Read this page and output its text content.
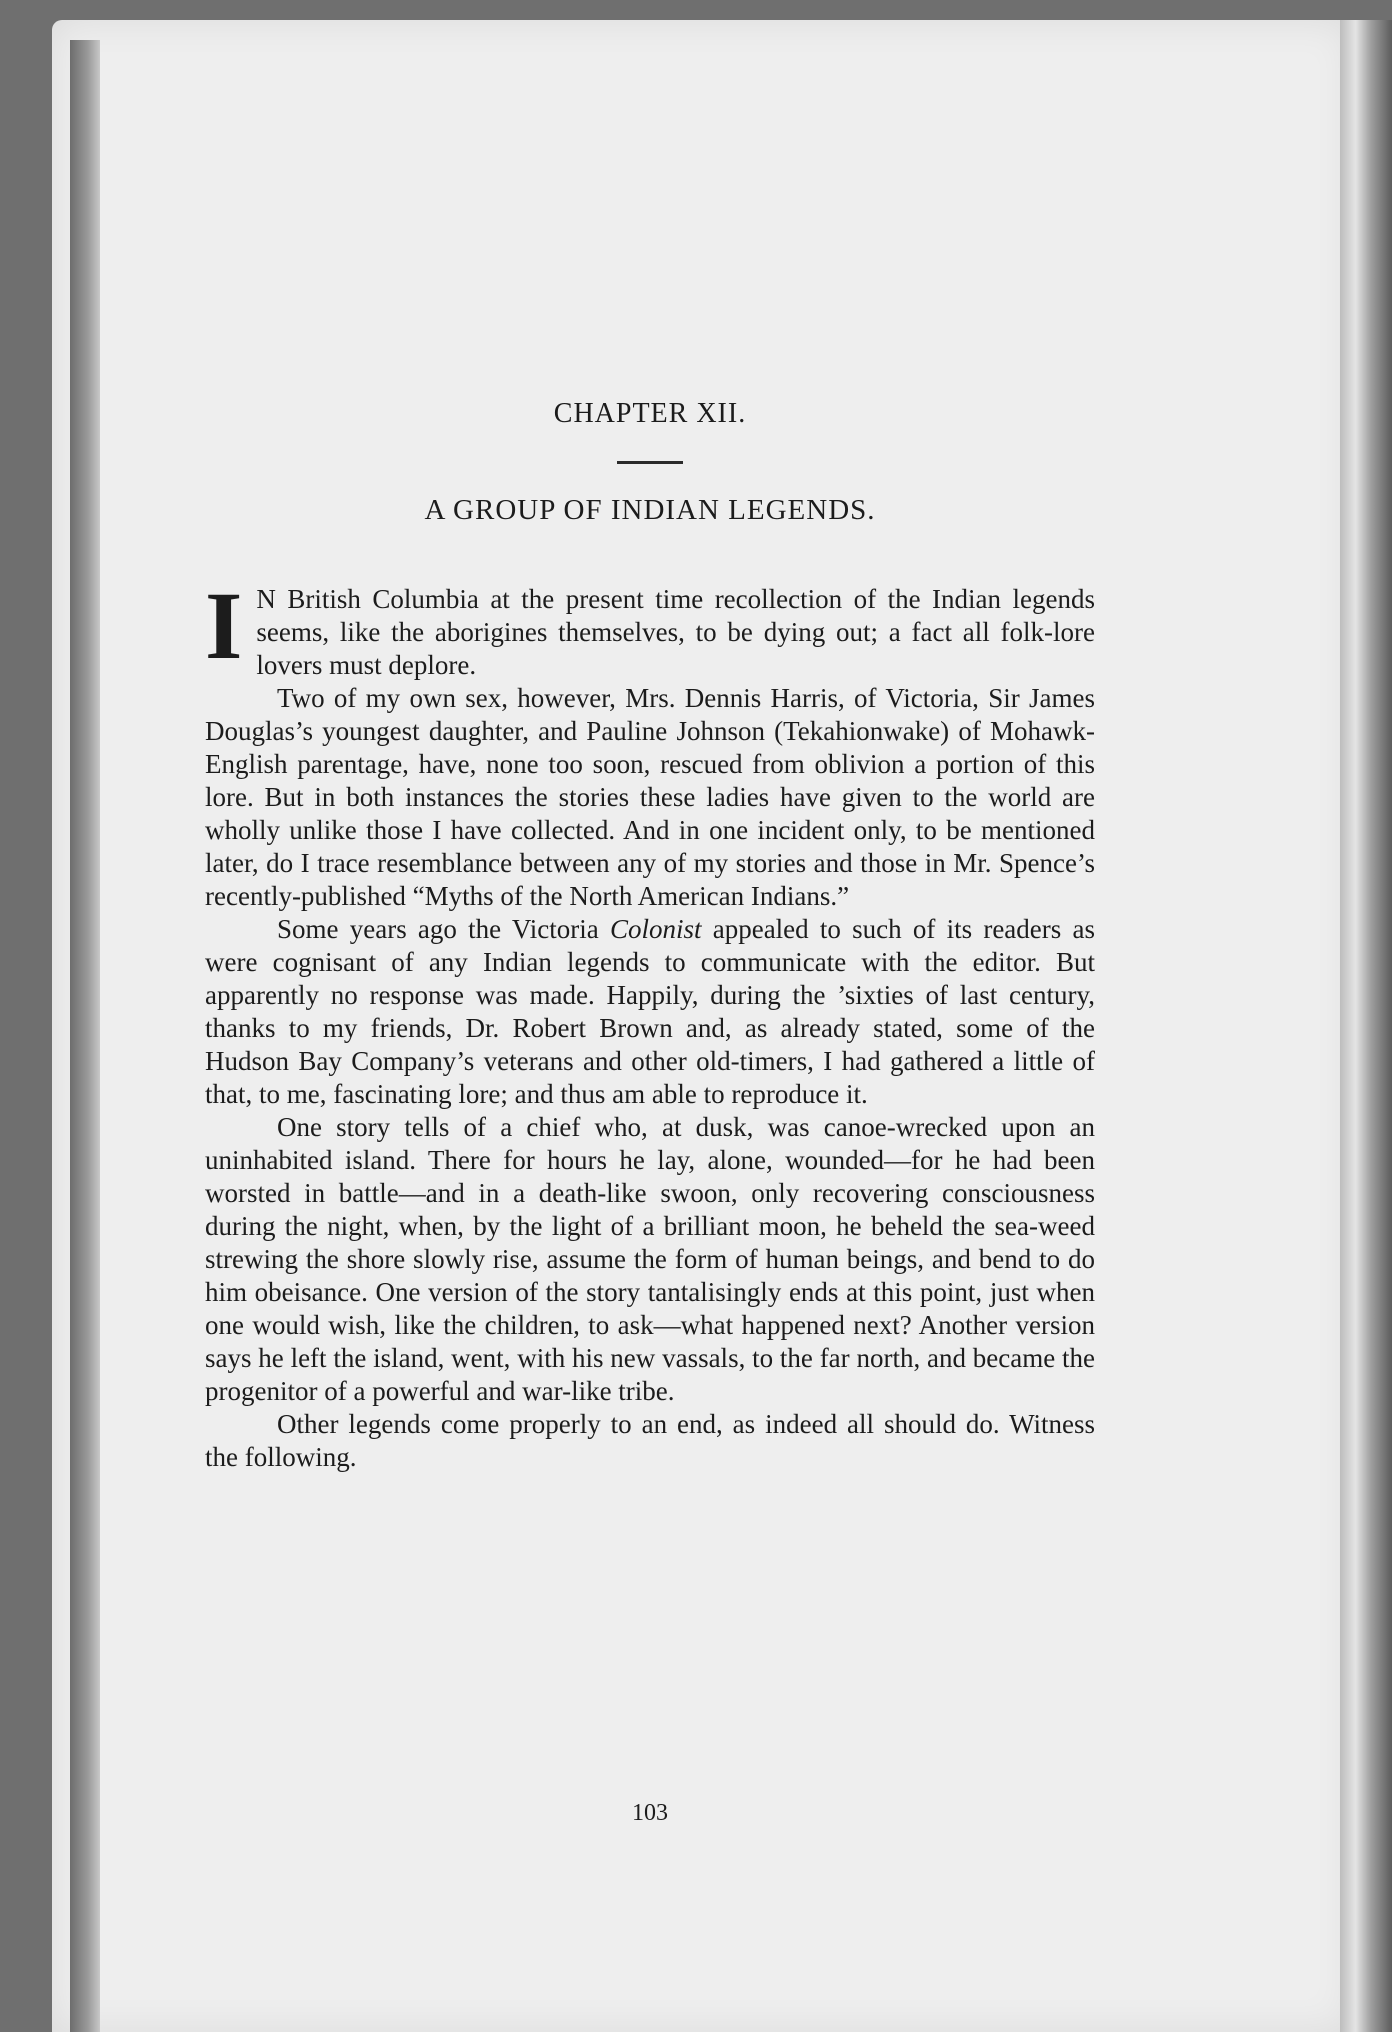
CHAPTER XII.
A GROUP OF INDIAN LEGENDS.

I N British Columbia at the present time recollection of the Indian legends seems, like the aborigines themselves, to be dying out; a fact all folk-lore lovers must deplore.

Two of my own sex, however, Mrs. Dennis Harris, of Victoria, Sir James Douglas’s youngest daughter, and Pauline Johnson (Tekahionwake) of Mohawk-English parentage, have, none too soon, rescued from oblivion a portion of this lore. But in both instances the stories these ladies have given to the world are wholly unlike those I have collected. And in one incident only, to be mentioned later, do I trace resemblance between any of my stories and those in Mr. Spence’s recently-published “Myths of the North American Indians.”

Some years ago the Victoria Colonist appealed to such of its readers as were cognisant of any Indian legends to communicate with the editor. But apparently no response was made. Happily, during the ’sixties of last century, thanks to my friends, Dr. Robert Brown and, as already stated, some of the Hudson Bay Company’s veterans and other old-timers, I had gathered a little of that, to me, fascinating lore; and thus am able to reproduce it.

One story tells of a chief who, at dusk, was canoe-wrecked upon an uninhabited island. There for hours he lay, alone, wounded—for he had been worsted in battle—and in a death-like swoon, only recovering consciousness during the night, when, by the light of a brilliant moon, he beheld the sea-weed strewing the shore slowly rise, assume the form of human beings, and bend to do him obeisance. One version of the story tantalisingly ends at this point, just when one would wish, like the children, to ask—what happened next? Another version says he left the island, went, with his new vassals, to the far north, and became the progenitor of a powerful and war-like tribe.

Other legends come properly to an end, as indeed all should do. Witness the following.

103
